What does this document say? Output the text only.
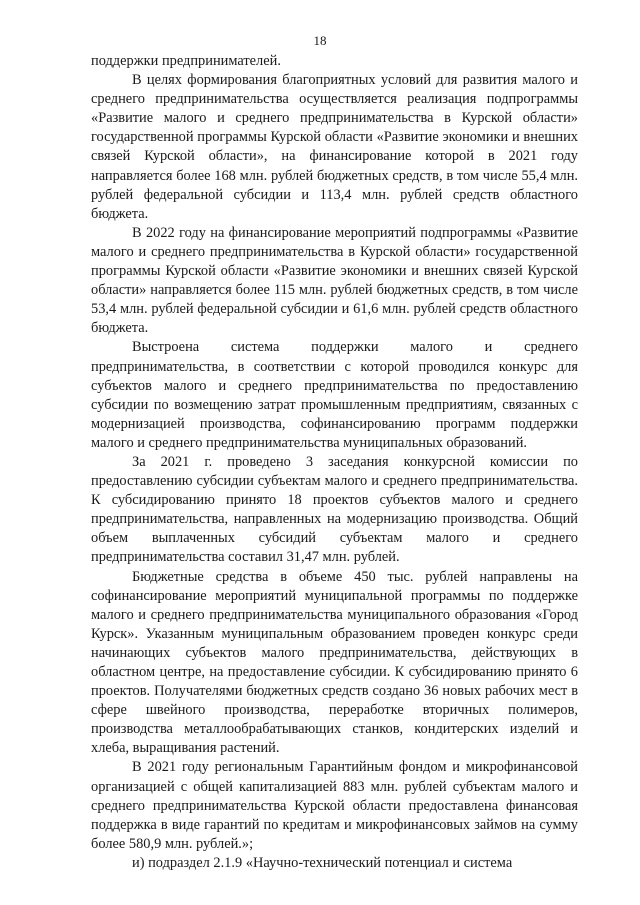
18

поддержки предпринимателей.

В целях формирования благоприятных условий для развития малого и среднего предпринимательства осуществляется реализация подпрограммы «Развитие малого и среднего предпринимательства в Курской области» государственной программы Курской области «Развитие экономики и внешних связей Курской области», на финансирование которой в 2021 году направляется более 168 млн. рублей бюджетных средств, в том числе 55,4 млн. рублей федеральной субсидии и 113,4 млн. рублей средств областного бюджета.

В 2022 году на финансирование мероприятий подпрограммы «Развитие малого и среднего предпринимательства в Курской области» государственной программы Курской области «Развитие экономики и внешних связей Курской области» направляется более 115 млн. рублей бюджетных средств, в том числе 53,4 млн. рублей федеральной субсидии и 61,6 млн. рублей средств областного бюджета.

Выстроена система поддержки малого и среднего предпринимательства, в соответствии с которой проводился конкурс для субъектов малого и среднего предпринимательства по предоставлению субсидии по возмещению затрат промышленным предприятиям, связанных с модернизацией производства, софинансированию программ поддержки малого и среднего предпринимательства муниципальных образований.

За 2021 г. проведено 3 заседания конкурсной комиссии по предоставлению субсидии субъектам малого и среднего предпринимательства. К субсидированию принято 18 проектов субъектов малого и среднего предпринимательства, направленных на модернизацию производства. Общий объем выплаченных субсидий субъектам малого и среднего предпринимательства составил 31,47 млн. рублей.

Бюджетные средства в объеме 450 тыс. рублей направлены на софинансирование мероприятий муниципальной программы по поддержке малого и среднего предпринимательства муниципального образования «Город Курск». Указанным муниципальным образованием проведен конкурс среди начинающих субъектов малого предпринимательства, действующих в областном центре, на предоставление субсидии. К субсидированию принято 6 проектов. Получателями бюджетных средств создано 36 новых рабочих мест в сфере швейного производства, переработке вторичных полимеров, производства металлообрабатывающих станков, кондитерских изделий и хлеба, выращивания растений.

В 2021 году региональным Гарантийным фондом и микрофинансовой организацией с общей капитализацией 883 млн. рублей субъектам малого и среднего предпринимательства Курской области предоставлена финансовая поддержка в виде гарантий по кредитам и микрофинансовых займов на сумму более 580,9 млн. рублей.»;

и) подраздел 2.1.9 «Научно-технический потенциал и система
